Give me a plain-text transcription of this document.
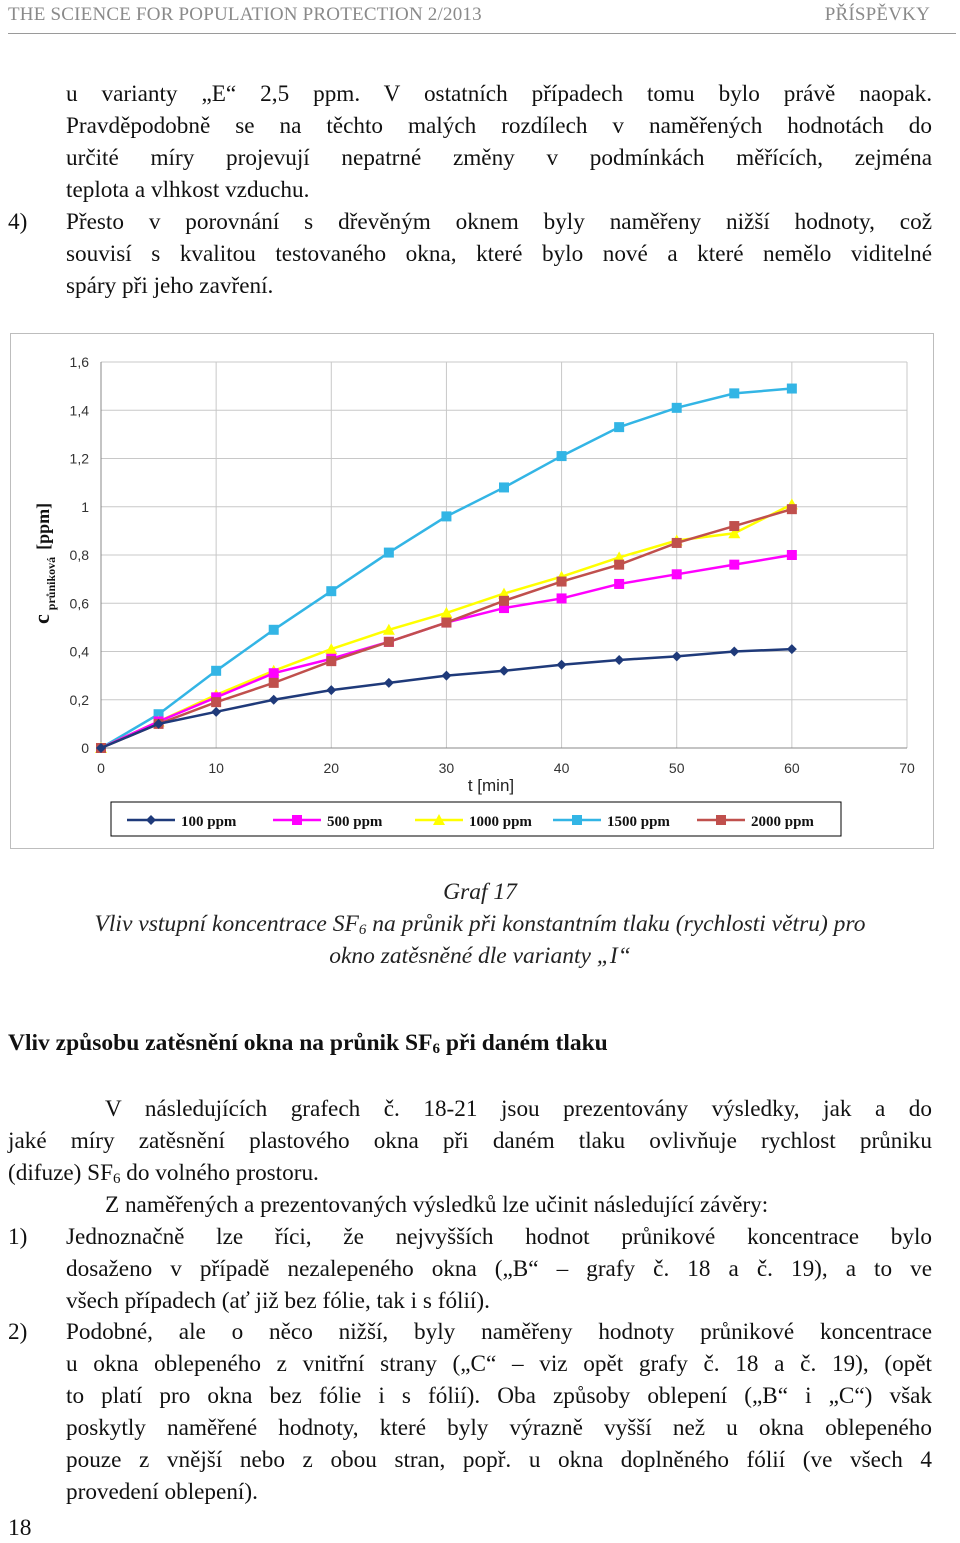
THE SCIENCE FOR POPULATION PROTECTION 2/2013	PŘÍSPĚVKY
u varianty „E“ 2,5 ppm. V ostatních případech tomu bylo právě naopak.
Pravděpodobně se na těchto malých rozdílech v naměřených hodnotách do
určité míry projevují nepatrné změny v podmínkách měřících, zejména
teplota a vlhkost vzduchu.
4) Přesto v porovnání s dřevěným oknem byly naměřeny nižší hodnoty, což
souvisí s kvalitou testovaného okna, které bylo nové a které nemělo viditelné
spáry při jeho zavření.
0
0,2
0,4
0,6
0,8
1
1,2
1,4
1,6
0	10	20	30	40	50	60	70
t [min]
c $_{průniková}$ [ppm]
100 ppm	500 ppm	1000 ppm	1500 ppm	2000 ppm
Graf 17
Vliv vstupní koncentrace $SF_6$ na průnik při konstantním tlaku (rychlosti větru) pro
okno zatěsněné dle varianty „I“
Vliv způsobu zatěsnění okna na průnik $SF_6$ při daném tlaku
V následujících grafech č. 18-21 jsou prezentovány výsledky, jak a do
jaké míry zatěsnění plastového okna při daném tlaku ovlivňuje rychlost průniku
(difuze) $SF_6$ do volného prostoru.
Z naměřených a prezentovaných výsledků lze učinit následující závěry:
1) Jednoznačně lze říci, že nejvyšších hodnot průnikové koncentrace bylo
dosaženo v případě nezalepeného okna („B“ – grafy č. 18 a č. 19), a to ve
všech případech (ať již bez fólie, tak i s fólií).
2) Podobné, ale o něco nižší, byly naměřeny hodnoty průnikové koncentrace
u okna oblepeného z vnitřní strany („C“ – viz opět grafy č. 18 a č. 19), (opět
to platí pro okna bez fólie i s fólií). Oba způsoby oblepení („B“ i „C“) však
poskytly naměřené hodnoty, které byly výrazně vyšší než u okna oblepeného
pouze z vnější nebo z obou stran, popř. u okna doplněného fólií (ve všech 4
provedení oblepení).
18
